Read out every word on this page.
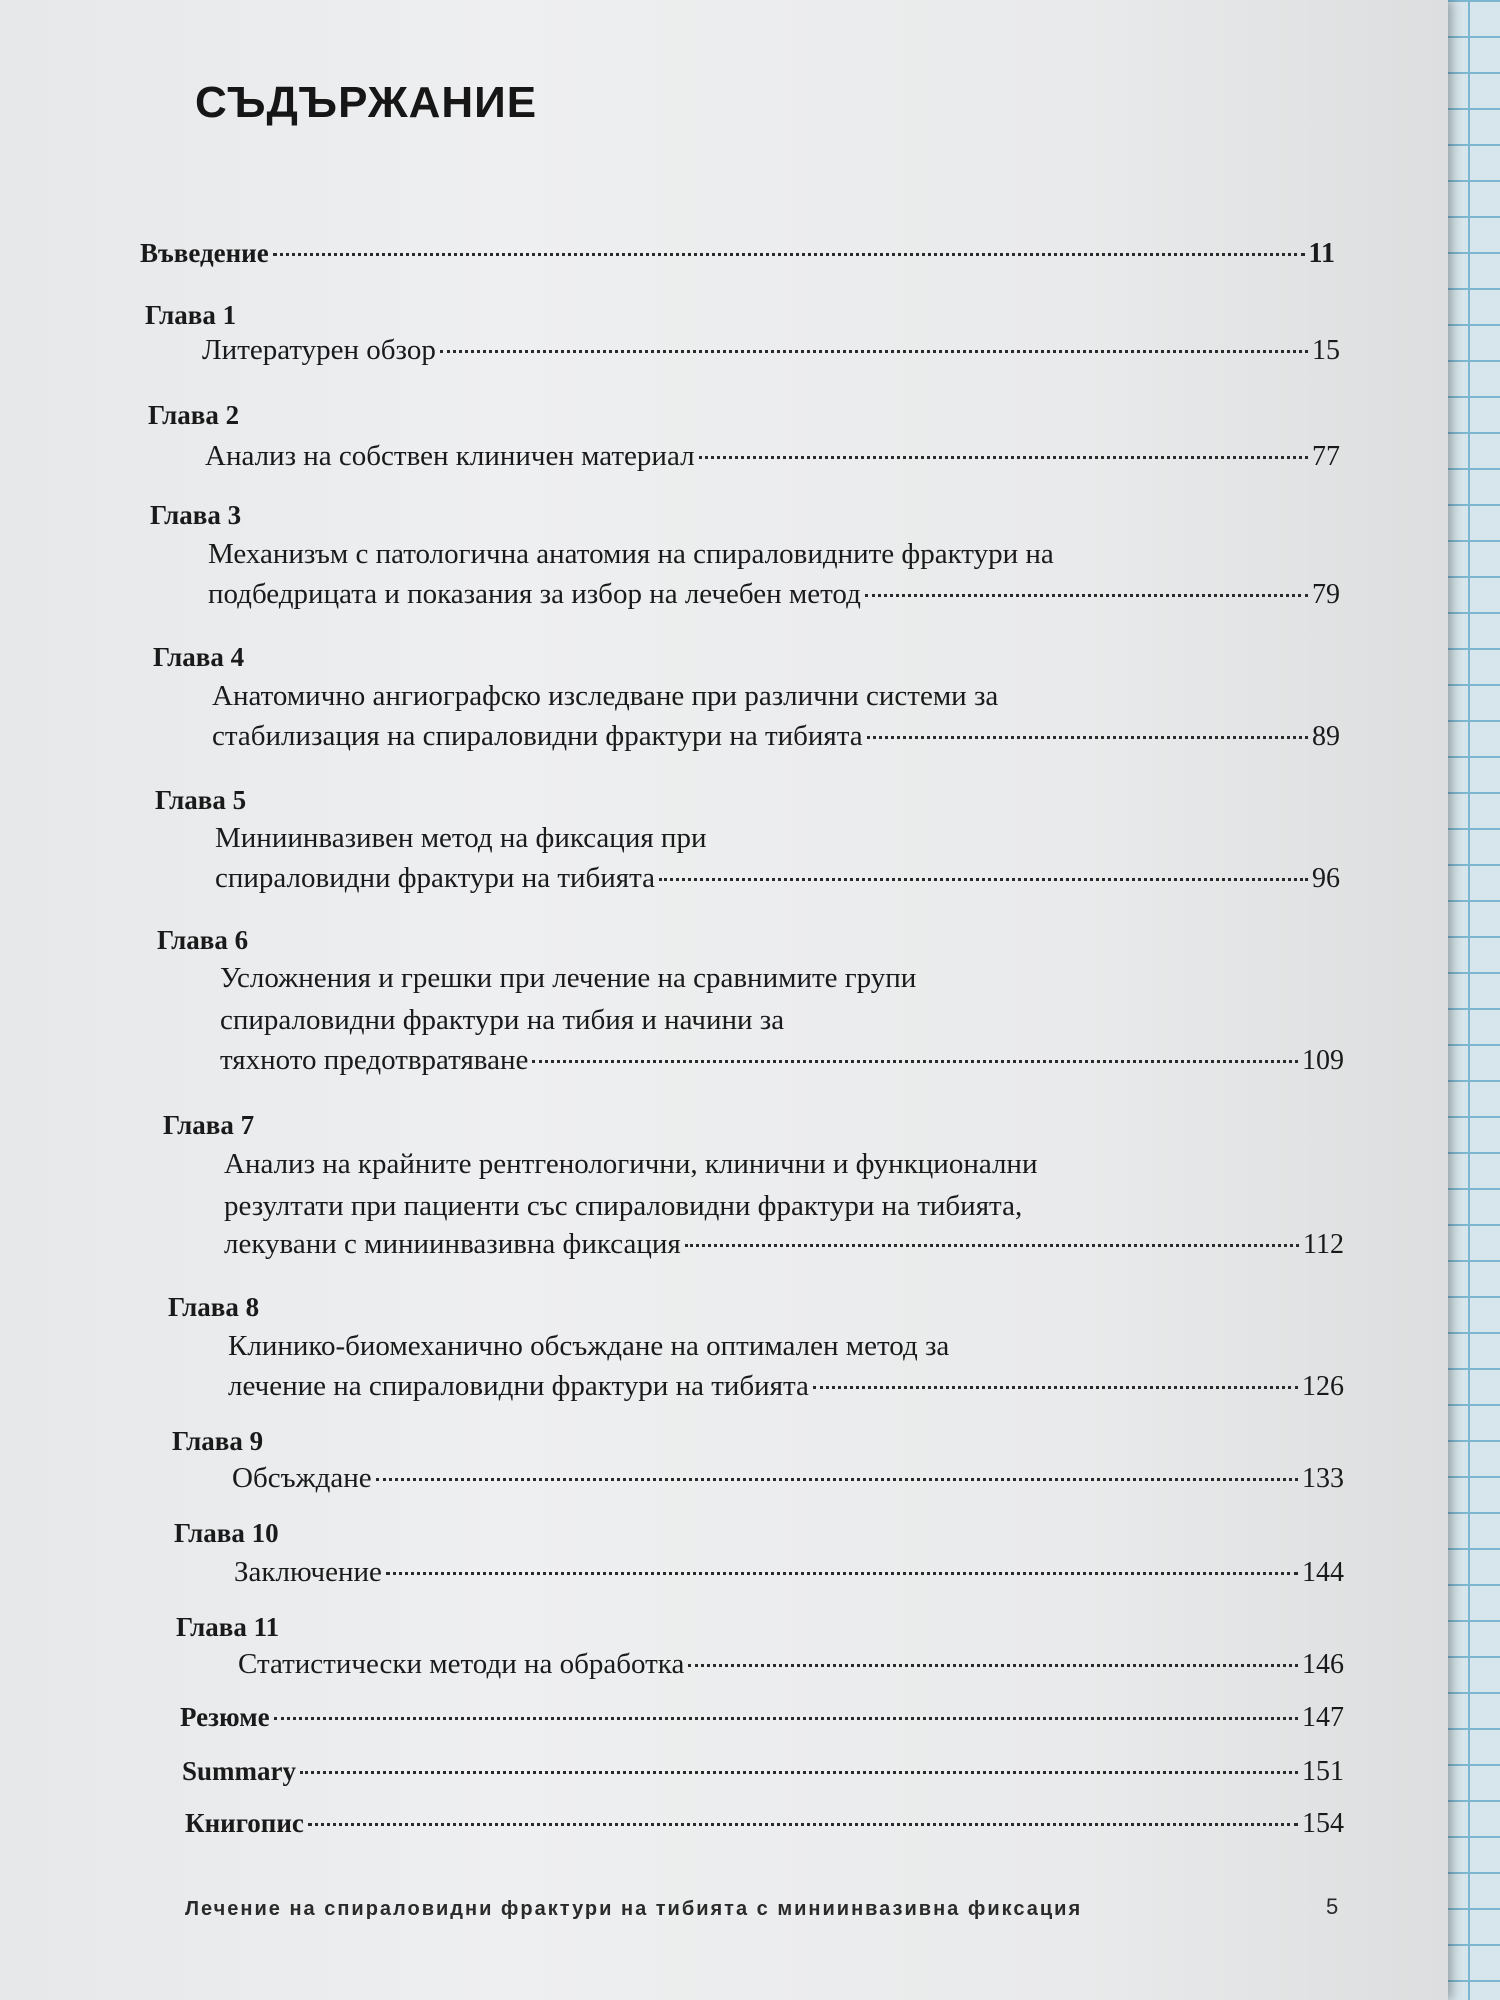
СЪДЪРЖАНИЕ
Въведение	11
Глава 1
Литературен обзор	15
Глава 2
Анализ на собствен клиничен материал	77
Глава 3
Механизъм с патологична анатомия на спираловидните фрактури на
подбедрицата и показания за избор на лечебен метод	79
Глава 4
Анатомично ангиографско изследване при различни системи за
стабилизация на спираловидни фрактури на тибията	89
Глава 5
Миниинвазивен метод на фиксация при
спираловидни фрактури на тибията	96
Глава 6
Усложнения и грешки при лечение на сравнимите групи
спираловидни фрактури на тибия и начини за
тяхното предотвратяване	109
Глава 7
Анализ на крайните рентгенологични, клинични и функционални
резултати при пациенти със спираловидни фрактури на тибията,
лекувани с миниинвазивна фиксация	112
Глава 8
Клинико-биомеханично обсъждане на оптимален метод за
лечение на спираловидни фрактури на тибията	126
Глава 9
Обсъждане	133
Глава 10
Заключение	144
Глава 11
Статистически методи на обработка	146
Резюме	147
Summary	151
Книгопис	154
Лечение на спираловидни фрактури на тибията с миниинвазивна фиксация	5
